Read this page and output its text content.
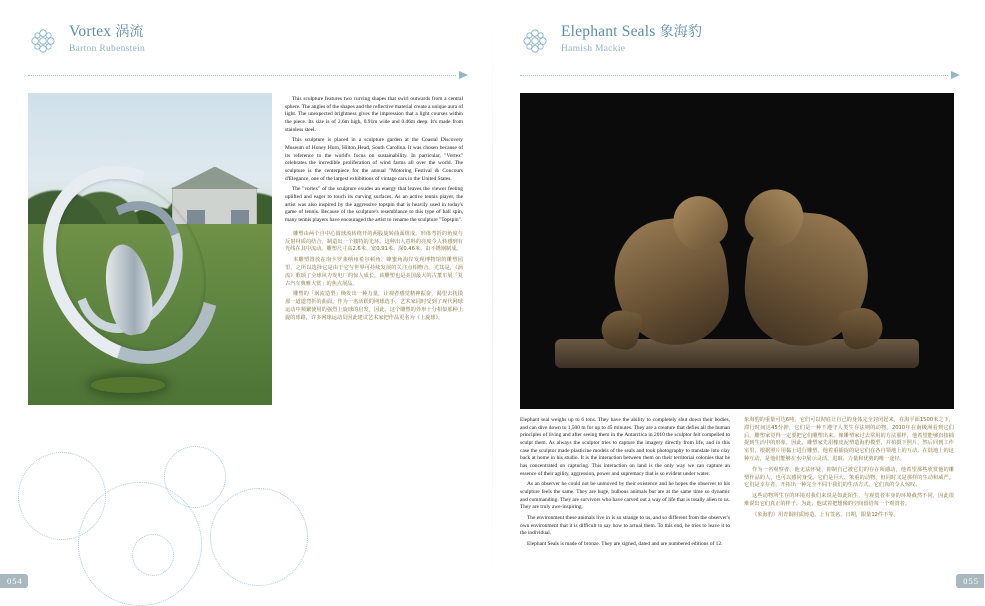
Vortex 涡流
Barton Rubenstein

This sculpture features two curving shapes that swirl outwards from a central sphere. The angles of the shapes and the reflective material create a unique aura of light. The unexpected brightness gives the impression that a light courses within the piece. Its size is of 2.6m high, 0.91m wide and 0.46m deep. It's made from stainless steel.

This sculpture is placed in a sculpture garden at the Coastal Discovery Museum of Honey Horn, Hilton Head, South Carolina. It was chosen because of its reference to the world's focus on sustainability. In particular, "Vortex" celebrates the incredible proliferation of wind farms all over the world. The sculpture is the centerpiece for the annual "Motoring Festival & Concours d'Elegance, one of the largest exhibitions of vintage cars in the United States.

The "vortex" of the sculpture exudes an energy that leaves the viewer feeling uplifted and eager to touch its curving surfaces. As an active tennis player, the artist was also inspired by the aggressive topspin that is heavily used in today's game of tennis. Because of the sculpture's resemblance to this type of ball spin, many tennis players have encouraged the artist to rename the sculpture "Topspin".

雕塑由两个自中心圆球流转绕开的两股旋转曲面组成。形体弯折的角度与反射材质的结合，制造出一个独特的光环。这种出人意料的亮度令人转感到有光线在其中流动。雕塑尺寸高2.6米、宽0.91米、深0.46米，由不锈钢制成。

本雕塑置放在南卡罗莱纳州希尔顿角、蜂蜜角海岸发现博物馆的雕塑园里。之所以选择它是由于它与世界可持续发展的关注点相吻合。尤其是，《涡流》歌颂了全球风力发电厂的惊人成长。该雕塑也是美国最大的古董车展「复古汽车典雅大赏」的焦点展品。

雕塑的「涡流造型」焕发出一种力量，让观者感觉精神振奋，渴望去抚摸那一道道弯折的曲面。作为一名活跃的网球选手，艺术家同时受到了现代网球运动中频繁使用的强烈上旋球的启发，因此，这个雕塑的外形十分相似那种上旋的球路，许多网球运动员因此建议艺术家把作品更名为《上旋球》。

054
Elephant Seals 象海豹
Hamish Mackie

Elephant seal weighs up to 6 tons. They have the ability to completely shut down their bodies, and can dive down to 1,500 m for up to 45 minutes. They are a creature that defies all the human principles of living and after seeing them in the Antarctica in 2010 the sculptor felt compelled to sculpt them. As always the sculptor tries to capture the imagery directly from life, and in this case the sculptor made plasticine models of the seals and took photography to translate into clay back at home in his studio. It is the interaction between them on their territorial colonies that he has concentrated on capturing. This interaction on land is the only way we can capture an essence of their agility, aggression, power and supremacy that is so evident under water.

As an observer he could not be unmoved by their existence and he hopes the observer to his sculpture feels the same. They are huge, bulbous animals but are at the same time so dynamic and commanding. They are survivors who have carved out a way of life that is totally alien to us. They are truly awe-inspiring.

The environment these animals live in is so strange to us, and so different from the observer's own environment that it is difficult to say how to actual them. To this end, he tries to leave it to the individual.

Elephant Seals is made of bronze. They are signed, dated and are numbered editions of 12.

象海豹的重量可达6吨。它们可以彻底让自己的身体完全封闭起来，在海平面1500米之下，滞行时间达45分钟，它们是一种不遵守人类生存法则的动物。2010年在南极洲看到它们后，雕塑家觉得一定要把它们雕塑出来。像雕塑家过去常用的方法那样，他希望能够直接捕捉到生活中的形象，因此，雕塑家先用橡皮泥塑造海豹模型，并拍摄下照片，然后回到工作室里，根据照片用黏土进行雕塑。他着重捕捉的是它们在各自领地上的互动。在陆地上的这种互动，是他们能够在水中展示灵活、进取、力量和优势的唯一途径。

作为一名观察者，他无法怀疑、抑制自己被它们的存在所感动，他希望那些欣赏他的雕塑作品的人，也可以感同身受。它们是巨大、笨重的动物，但同时又是那样的生动和威严。它们是幸存者，开拓出一种完全不同于我们的生活方式。它们真的令人惊叹。

这些动物所生存的环境对我们来说是如此陌生，与观赏者本身的环境截然不同，因此很难说出它们真正的样子。为此，他试着把想像的空间留给每一个观赏者。

《象海豹》用青铜材质铸造。上有签名、日期，限量12件不等。

055
